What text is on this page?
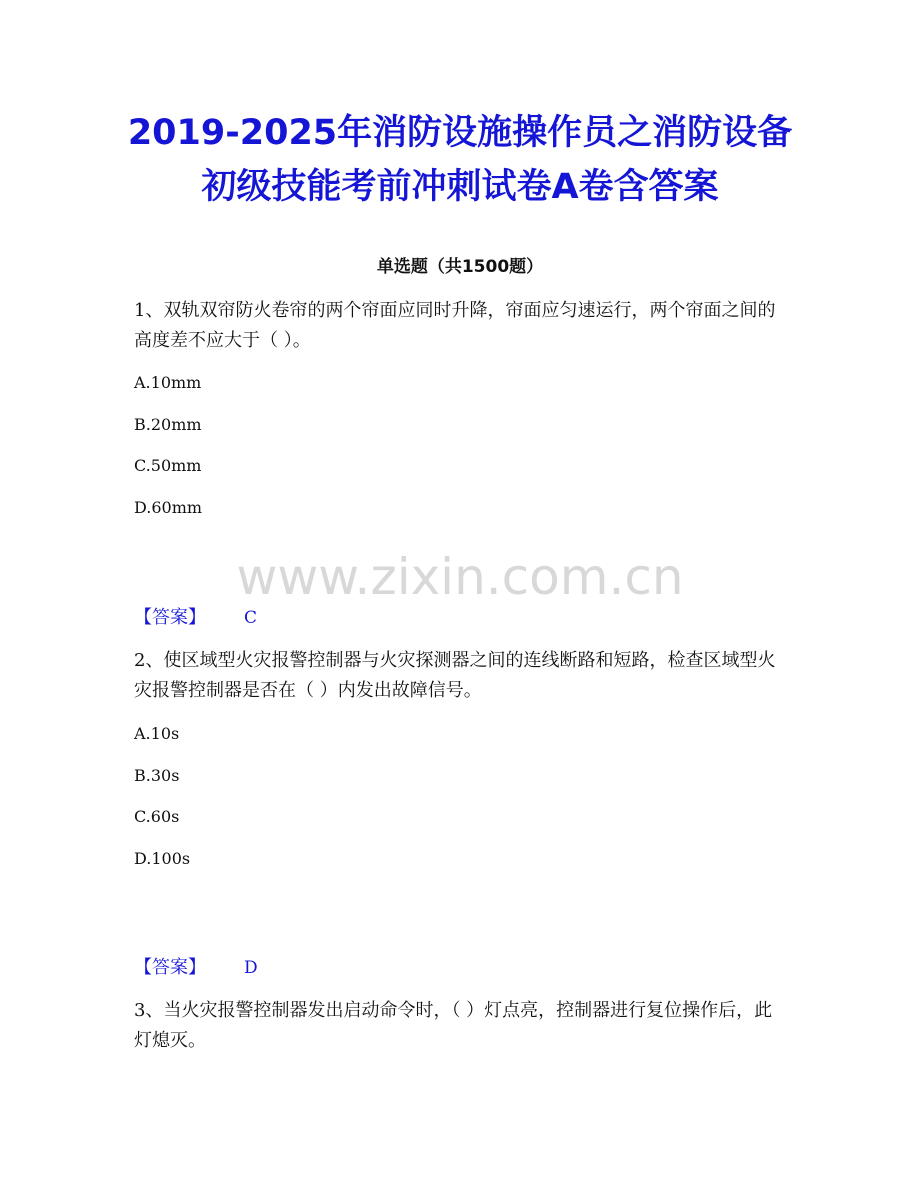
2019-2025年消防设施操作员之消防设备
初级技能考前冲刺试卷A卷含答案
单选题（共1500题）

1、双轨双帘防火卷帘的两个帘面应同时升降，帘面应匀速运行，两个帘面之间的高度差不应大于（ ）。

A.10mm
B.20mm
C.50mm
D.60mm
www.zixin.com.cn
【答案】 C

2、使区域型火灾报警控制器与火灾探测器之间的连线断路和短路，检查区域型火灾报警控制器是否在（ ）内发出故障信号。

A.10s
B.30s
C.60s
D.100s
【答案】 D

3、当火灾报警控制器发出启动命令时，（ ）灯点亮，控制器进行复位操作后，此灯熄灭。
